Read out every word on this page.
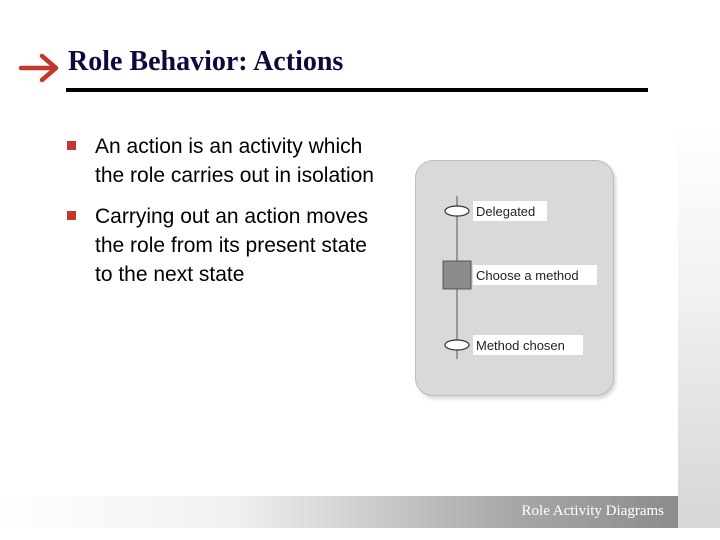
Role Behavior: Actions
An action is an activity which the role carries out in isolation
Carrying out an action moves the role from its present state to the next state
Delegated
Choose a method
Method chosen
Role Activity Diagrams
